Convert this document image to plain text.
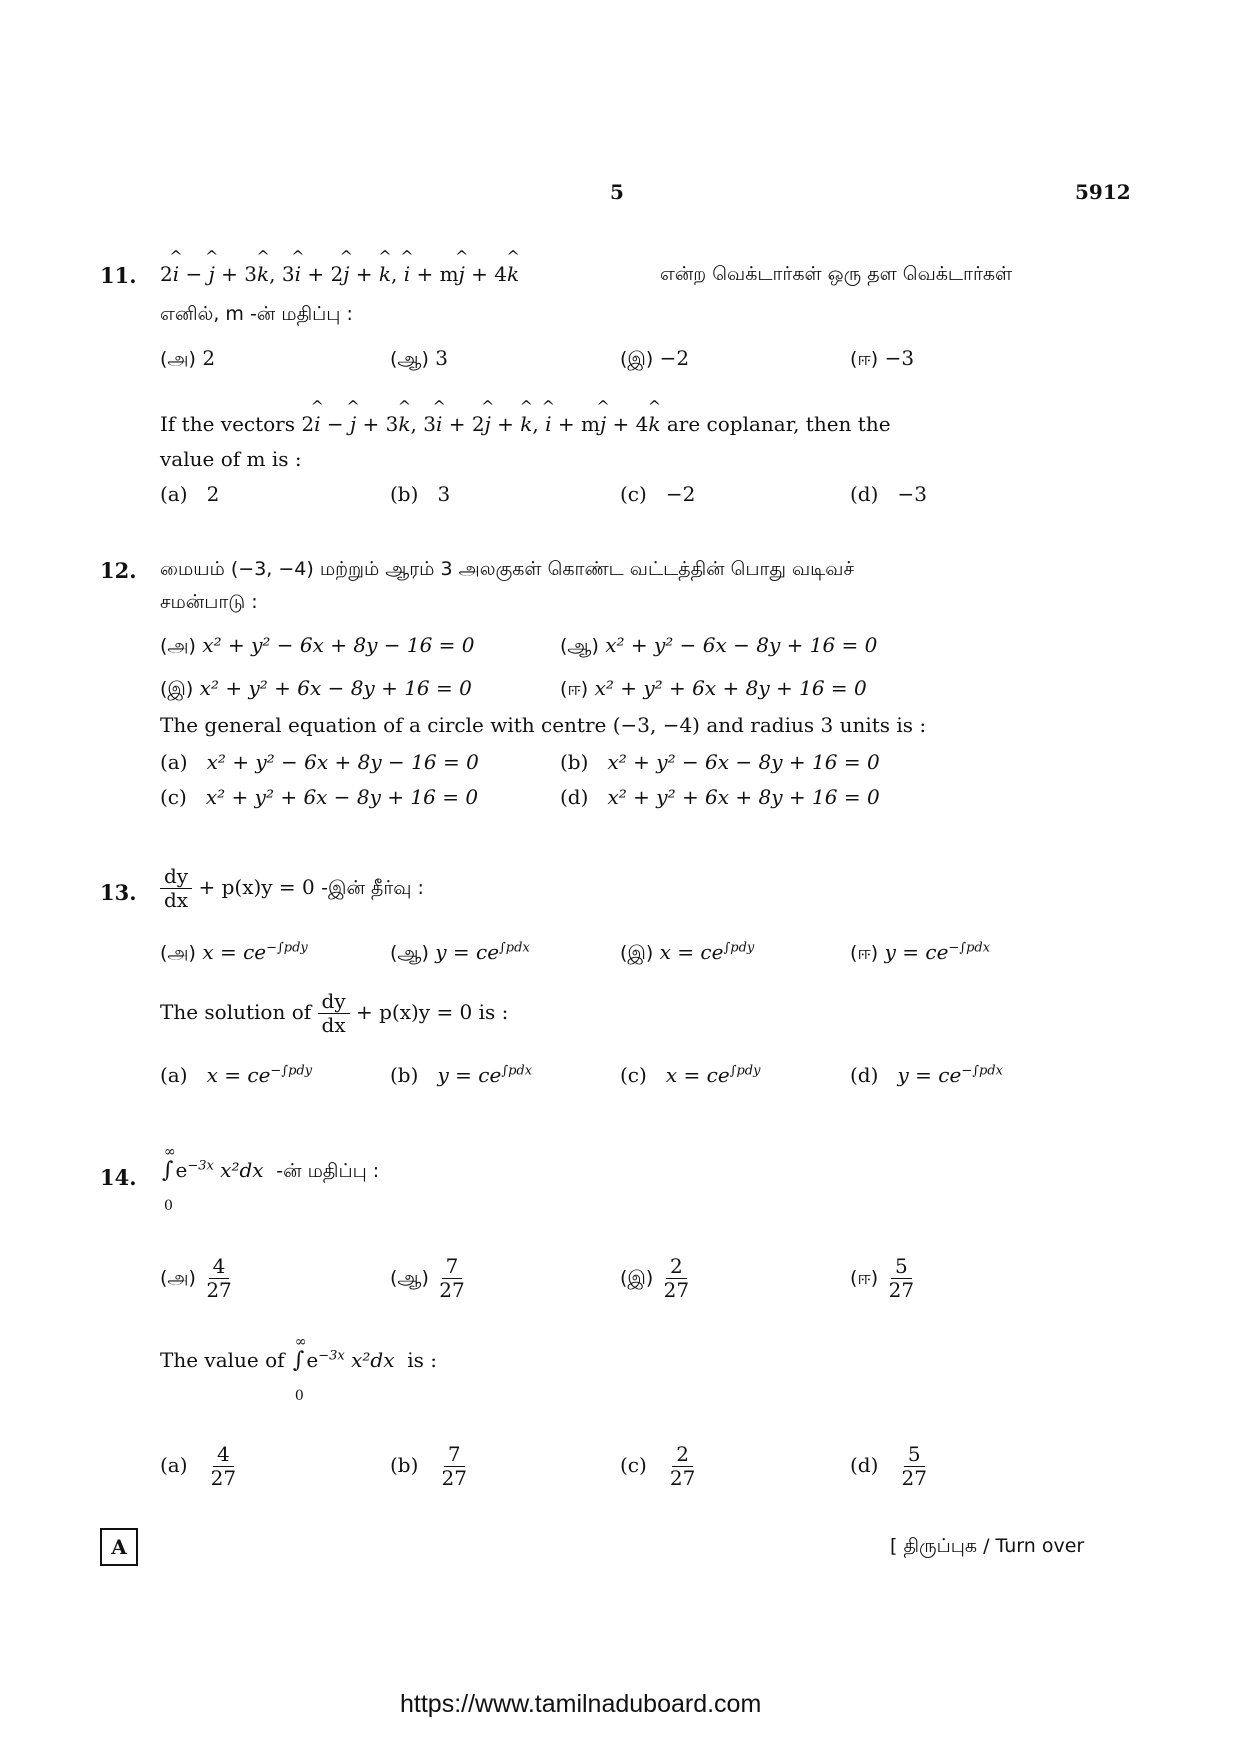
5	5912
11. 2^ i − ^ j + 3^ k, 3^ i + 2^ j + ^ k, ^ i + m^ j + 4^ k	என்ற வெக்டார்கள் ஒரு தள வெக்டார்கள்
எனில், m -ன் மதிப்பு :
(அ) 2	(ஆ) 3	(இ) −2	(ஈ) −3
If the vectors 2^ i − ^ j + 3^ k, 3^ i + 2^ j + ^ k, ^ i + m^ j + 4^ k are coplanar, then the
value of m is :
(a) 2	(b) 3	(c) −2	(d) −3
12. மையம் (−3, −4) மற்றும் ஆரம் 3 அலகுகள் கொண்ட வட்டத்தின் பொது வடிவச்
சமன்பாடு :
(அ) x² + y² − 6x + 8y − 16 = 0	(ஆ) x² + y² − 6x − 8y + 16 = 0
(இ) x² + y² + 6x − 8y + 16 = 0	(ஈ) x² + y² + 6x + 8y + 16 = 0
The general equation of a circle with centre (−3, −4) and radius 3 units is :
(a) x² + y² − 6x + 8y − 16 = 0	(b) x² + y² − 6x − 8y + 16 = 0
(c) x² + y² + 6x − 8y + 16 = 0	(d) x² + y² + 6x + 8y + 16 = 0
13. $\frac{dy}{dx} + p(x)y = 0$ -இன் தீர்வு :
(அ) $x = ce^{-\int pdy}$	(ஆ) $y = ce^{\int pdx}$	(இ) $x = ce^{\int pdy}$	(ஈ) $y = ce^{-\int pdx}$
The solution of $\frac{dy}{dx} + p(x)y = 0$ is :
(a) $x = ce^{-\int pdy}$	(b) $y = ce^{\int pdx}$	(c) $x = ce^{\int pdy}$	(d) $y = ce^{-\int pdx}$
14. ∫
∞
0
$e^{-3x}$ x²dx -ன் மதிப்பு :
(அ) $\frac{4}{27}$	(ஆ) $\frac{7}{27}$	(இ) $\frac{2}{27}$	(ஈ) $\frac{5}{27}$
The value of ∫
∞
0
$e^{-3x}$ x²dx is :
$(a) \frac{4}{27}$	$(b) \frac{7}{27}$	$(c) \frac{2}{27}$	$(d) \frac{5}{27}$
A	[ திருப்புக / Turn over
https://www.tamilnaduboard.com
